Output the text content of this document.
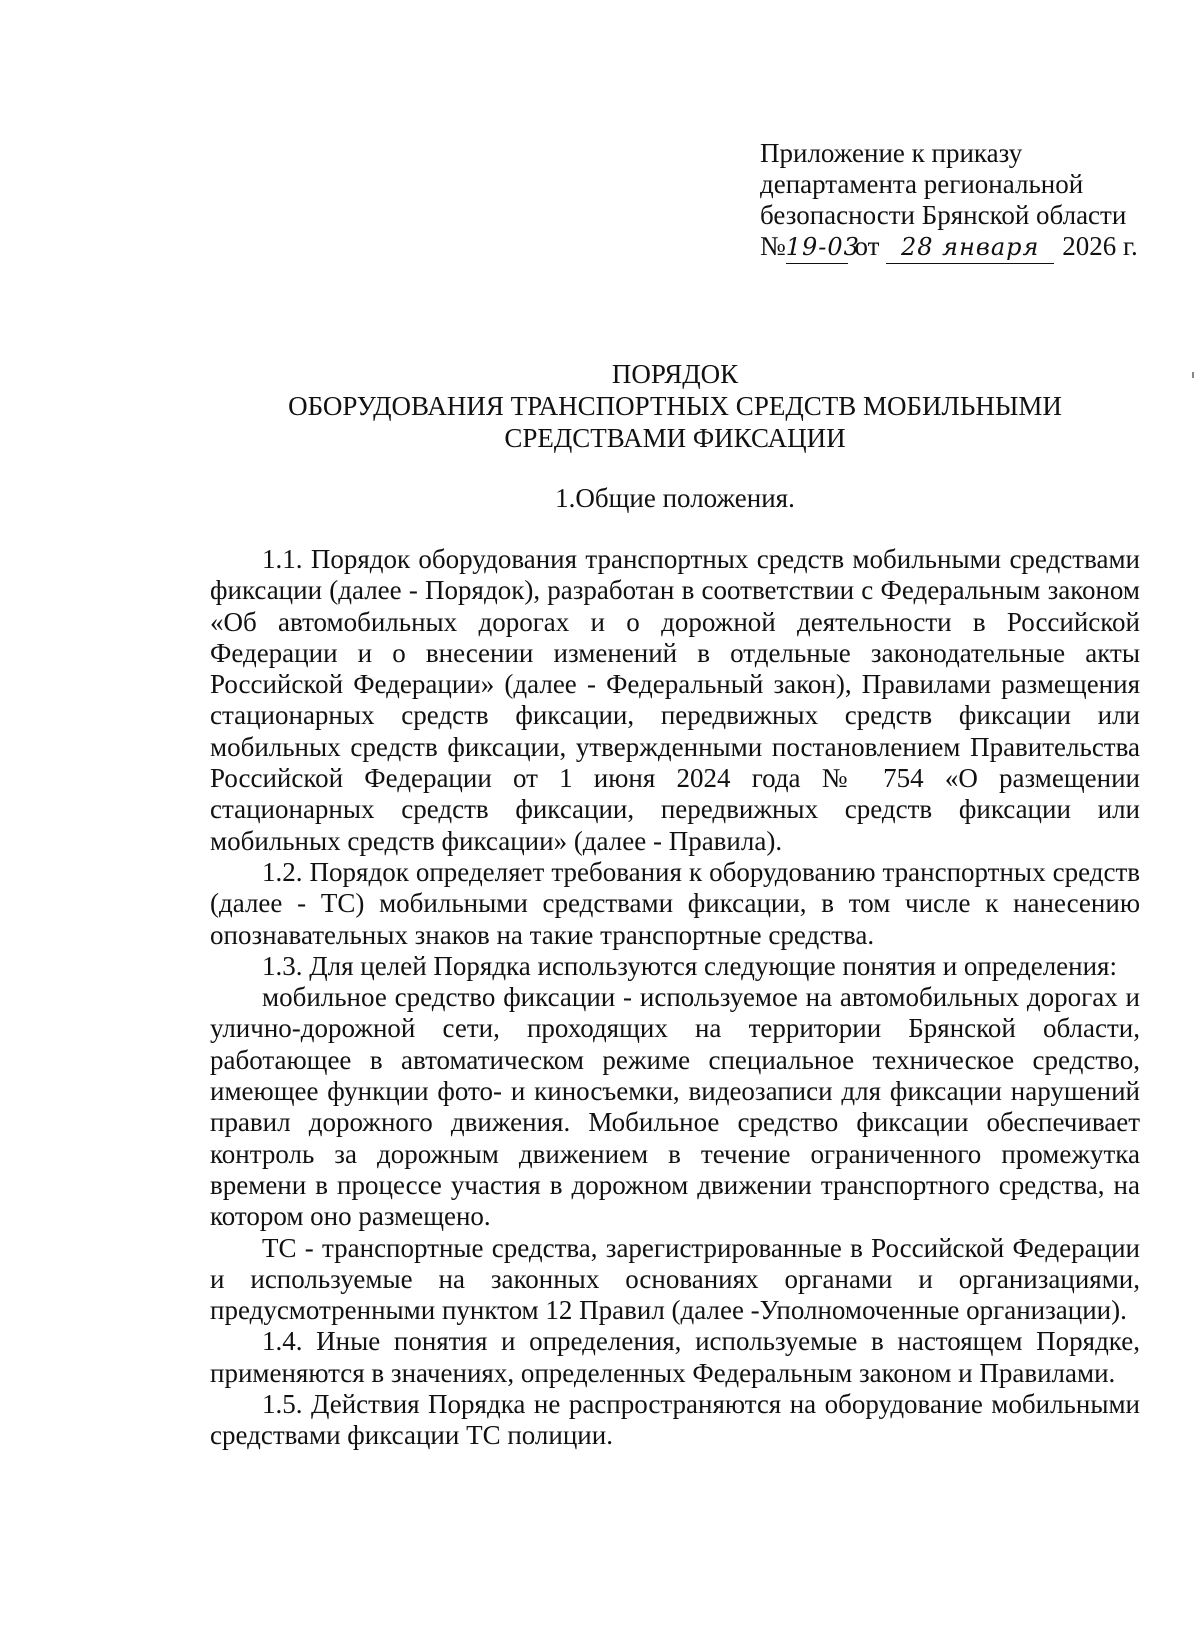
Приложение к приказу
департамента региональной
безопасности Брянской области
№19-03 от 28 января 2026 г.
ПОРЯДОК
ОБОРУДОВАНИЯ ТРАНСПОРТНЫХ СРЕДСТВ МОБИЛЬНЫМИ
СРЕДСТВАМИ ФИКСАЦИИ
1.Общие положения.

1.1. Порядок оборудования транспортных средств мобильными средствами фиксации (далее - Порядок), разработан в соответствии с Федеральным законом «Об автомобильных дорогах и о дорожной деятельности в Российской Федерации и о внесении изменений в отдельные законодательные акты Российской Федерации» (далее - Федеральный закон), Правилами размещения стационарных средств фиксации, передвижных средств фиксации или мобильных средств фиксации, утвержденными постановлением Правительства Российской Федерации от 1 июня 2024 года № 754 «О размещении стационарных средств фиксации, передвижных средств фиксации или мобильных средств фиксации» (далее - Правила).

1.2. Порядок определяет требования к оборудованию транспортных средств (далее - ТС) мобильными средствами фиксации, в том числе к нанесению опознавательных знаков на такие транспортные средства.

1.3. Для целей Порядка используются следующие понятия и определения:

мобильное средство фиксации - используемое на автомобильных дорогах и улично-дорожной сети, проходящих на территории Брянской области, работающее в автоматическом режиме специальное техническое средство, имеющее функции фото- и киносъемки, видеозаписи для фиксации нарушений правил дорожного движения. Мобильное средство фиксации обеспечивает контроль за дорожным движением в течение ограниченного промежутка времени в процессе участия в дорожном движении транспортного средства, на котором оно размещено.

ТС - транспортные средства, зарегистрированные в Российской Федерации и используемые на законных основаниях органами и организациями, предусмотренными пунктом 12 Правил (далее -Уполномоченные организации).

1.4. Иные понятия и определения, используемые в настоящем Порядке, применяются в значениях, определенных Федеральным законом и Правилами.

1.5. Действия Порядка не распространяются на оборудование мобильными средствами фиксации ТС полиции.
